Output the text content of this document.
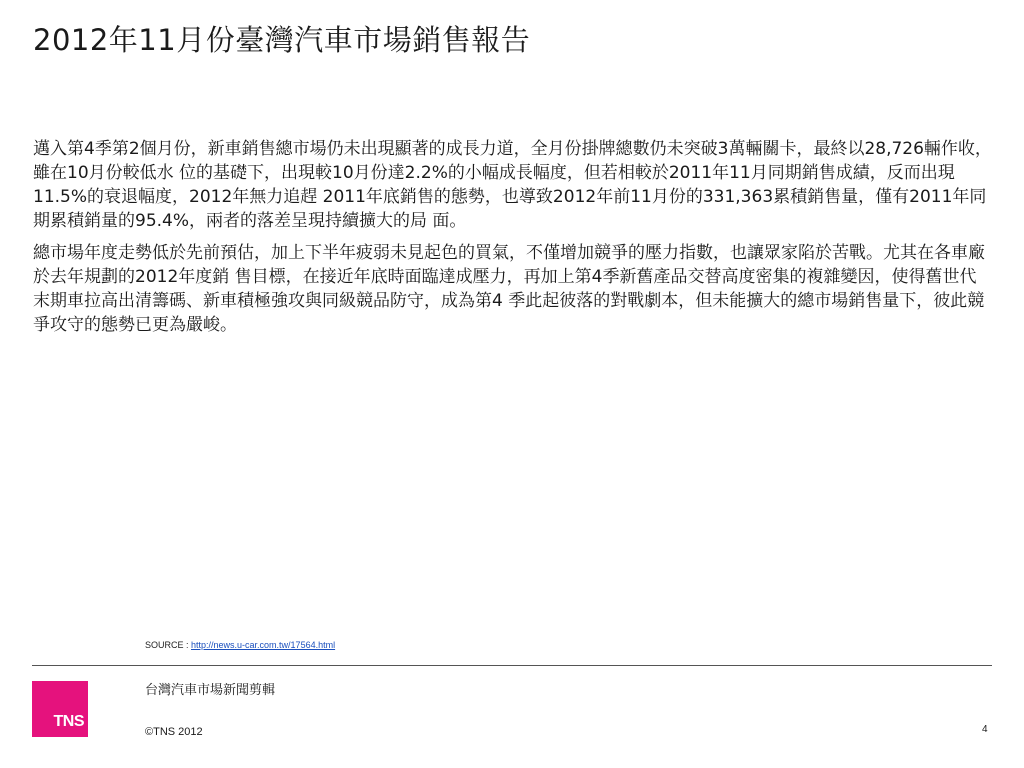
2012年11月份臺灣汽車市場銷售報告

邁入第4季第2個月份，新車銷售總市場仍未出現顯著的成長力道，全月份掛牌總數仍未突破3萬輛關卡，最終以28,726輛作收，雖在10月份較低水 位的基礎下，出現較10月份達2.2%的小幅成長幅度，但若相較於2011年11月同期銷售成績，反而出現11.5%的衰退幅度，2012年無力追趕 2011年底銷售的態勢，也導致2012年前11月份的331,363累積銷售量，僅有2011年同期累積銷量的95.4%，兩者的落差呈現持續擴大的局 面。

總市場年度走勢低於先前預估，加上下半年疲弱未見起色的買氣，不僅增加競爭的壓力指數，也讓眾家陷於苦戰。尤其在各車廠於去年規劃的2012年度銷 售目標，在接近年底時面臨達成壓力，再加上第4季新舊產品交替高度密集的複雜變因，使得舊世代末期車拉高出清籌碼、新車積極強攻與同級競品防守，成為第4 季此起彼落的對戰劇本，但未能擴大的總市場銷售量下，彼此競爭攻守的態勢已更為嚴峻。

SOURCE : http://news.u-car.com.tw/17564.html
TNS
台灣汽車市場新聞剪輯
©TNS 2012	4
